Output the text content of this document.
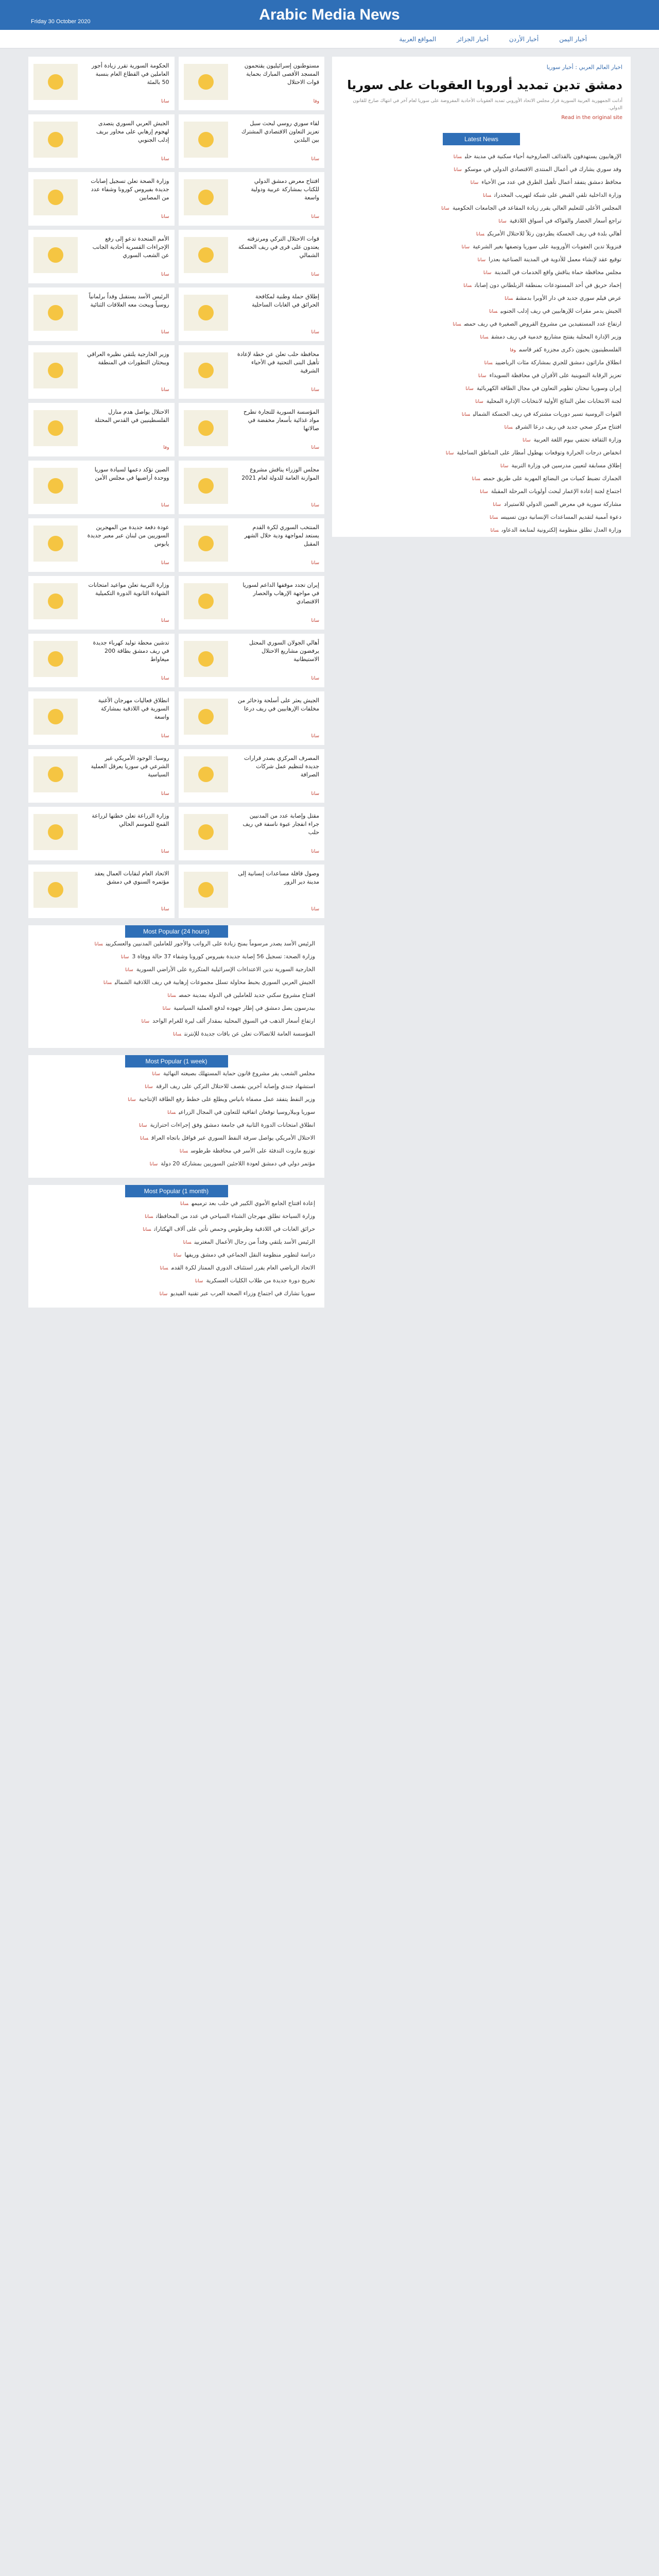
Arabic Media News
Friday 30 October 2020
المواقع العربية	أخبار الجزائر	أخبار الأردن	أخبار اليمن
الحكومة السورية تقرر زيادة أجور العاملين في القطاع العام بنسبة 50 بالمئة
سانا
مستوطنون إسرائيليون يقتحمون المسجد الأقصى المبارك بحماية قوات الاحتلال
وفا
الجيش العربي السوري يتصدى لهجوم إرهابي على محاور بريف إدلب الجنوبي
سانا
لقاء سوري روسي لبحث سبل تعزيز التعاون الاقتصادي المشترك بين البلدين
سانا
وزارة الصحة تعلن تسجيل إصابات جديدة بفيروس كورونا وشفاء عدد من المصابين
سانا
افتتاح معرض دمشق الدولي للكتاب بمشاركة عربية ودولية واسعة
سانا
الأمم المتحدة تدعو إلى رفع الإجراءات القسرية أحادية الجانب عن الشعب السوري
سانا
قوات الاحتلال التركي ومرتزقته يعتدون على قرى في ريف الحسكة الشمالي
سانا
الرئيس الأسد يستقبل وفداً برلمانياً روسياً ويبحث معه العلاقات الثنائية
سانا
إطلاق حملة وطنية لمكافحة الحرائق في الغابات الساحلية
سانا
وزير الخارجية يلتقي نظيره العراقي ويبحثان التطورات في المنطقة
سانا
محافظة حلب تعلن عن خطة لإعادة تأهيل البنى التحتية في الأحياء الشرقية
سانا
الاحتلال يواصل هدم منازل الفلسطينيين في القدس المحتلة
وفا
المؤسسة السورية للتجارة تطرح مواد غذائية بأسعار مخفضة في صالاتها
سانا
الصين تؤكد دعمها لسيادة سوريا ووحدة أراضيها في مجلس الأمن
سانا
مجلس الوزراء يناقش مشروع الموازنة العامة للدولة لعام 2021
سانا
عودة دفعة جديدة من المهجرين السوريين من لبنان عبر معبر جديدة يابوس
سانا
المنتخب السوري لكرة القدم يستعد لمواجهة ودية خلال الشهر المقبل
سانا
وزارة التربية تعلن مواعيد امتحانات الشهادة الثانوية الدورة التكميلية
سانا
إيران تجدد موقفها الداعم لسوريا في مواجهة الإرهاب والحصار الاقتصادي
سانا
تدشين محطة توليد كهرباء جديدة في ريف دمشق بطاقة 200 ميغاواط
سانا
أهالي الجولان السوري المحتل يرفضون مشاريع الاحتلال الاستيطانية
سانا
انطلاق فعاليات مهرجان الأغنية السورية في اللاذقية بمشاركة واسعة
سانا
الجيش يعثر على أسلحة وذخائر من مخلفات الإرهابيين في ريف درعا
سانا
روسيا: الوجود الأمريكي غير الشرعي في سوريا يعرقل العملية السياسية
سانا
المصرف المركزي يصدر قرارات جديدة لتنظيم عمل شركات الصرافة
سانا
وزارة الزراعة تعلن خطتها لزراعة القمح للموسم الحالي
سانا
مقتل وإصابة عدد من المدنيين جراء انفجار عبوة ناسفة في ريف حلب
سانا
الاتحاد العام لنقابات العمال يعقد مؤتمره السنوي في دمشق
سانا
وصول قافلة مساعدات إنسانية إلى مدينة دير الزور
سانا
Most Popular (24 hours)
الرئيس الأسد يصدر مرسوماً بمنح زيادة على الرواتب والأجور للعاملين المدنيين والعسكريينسانا
وزارة الصحة: تسجيل 56 إصابة جديدة بفيروس كورونا وشفاء 37 حالة ووفاة 3سانا
الخارجية السورية تدين الاعتداءات الإسرائيلية المتكررة على الأراضي السوريةسانا
الجيش العربي السوري يحبط محاولة تسلل مجموعات إرهابية في ريف اللاذقية الشماليسانا
افتتاح مشروع سكني جديد للعاملين في الدولة بمدينة حمصسانا
بيدرسون يصل دمشق في إطار جهوده لدفع العملية السياسيةسانا
ارتفاع أسعار الذهب في السوق المحلية بمقدار ألف ليرة للغرام الواحدسانا
المؤسسة العامة للاتصالات تعلن عن باقات جديدة للإنترنتسانا
Most Popular (1 week)
مجلس الشعب يقر مشروع قانون حماية المستهلك بصيغته النهائيةسانا
استشهاد جندي وإصابة آخرين بقصف للاحتلال التركي على ريف الرقةسانا
وزير النفط يتفقد عمل مصفاة بانياس ويطلع على خطط رفع الطاقة الإنتاجيةسانا
سوريا وبيلاروسيا توقعان اتفاقية للتعاون في المجال الزراعيسانا
انطلاق امتحانات الدورة الثانية في جامعة دمشق وفق إجراءات احترازيةسانا
الاحتلال الأمريكي يواصل سرقة النفط السوري عبر قوافل باتجاه العراقسانا
توزيع مازوت التدفئة على الأسر في محافظة طرطوسسانا
مؤتمر دولي في دمشق لعودة اللاجئين السوريين بمشاركة 20 دولةسانا
Most Popular (1 month)
إعادة افتتاح الجامع الأموي الكبير في حلب بعد ترميمهسانا
وزارة السياحة تطلق مهرجان الشتاء السياحي في عدد من المحافظاتسانا
حرائق الغابات في اللاذقية وطرطوس وحمص تأتي على آلاف الهكتاراتسانا
الرئيس الأسد يلتقي وفداً من رجال الأعمال المغتربينسانا
دراسة لتطوير منظومة النقل الجماعي في دمشق وريفهاسانا
الاتحاد الرياضي العام يقرر استئناف الدوري الممتاز لكرة القدمسانا
تخريج دورة جديدة من طلاب الكليات العسكريةسانا
سوريا تشارك في اجتماع وزراء الصحة العرب عبر تقنية الفيديوسانا
اخبار العالم العربي : أخبار سوريا
دمشق تدين تمديد أوروبا العقوبات على سوريا
أدانت الجمهورية العربية السورية قرار مجلس الاتحاد الأوروبي تمديد العقوبات الأحادية المفروضة على سوريا لعام آخر في انتهاك صارخ للقانون الدولي.
Read in the original site
Latest News
الإرهابيون يستهدفون بالقذائف الصاروخية أحياء سكنية في مدينة حلبسانا
وفد سوري يشارك في أعمال المنتدى الاقتصادي الدولي في موسكوسانا
محافظ دمشق يتفقد أعمال تأهيل الطرق في عدد من الأحياءسانا
وزارة الداخلية تلقي القبض على شبكة لتهريب المخدراتسانا
المجلس الأعلى للتعليم العالي يقرر زيادة المقاعد في الجامعات الحكوميةسانا
تراجع أسعار الخضار والفواكه في أسواق اللاذقيةسانا
أهالي بلدة في ريف الحسكة يطردون رتلاً للاحتلال الأمريكيسانا
فنزويلا تدين العقوبات الأوروبية على سوريا وتصفها بغير الشرعيةسانا
توقيع عقد لإنشاء معمل للأدوية في المدينة الصناعية بعدراسانا
مجلس محافظة حماة يناقش واقع الخدمات في المدينةسانا
إخماد حريق في أحد المستودعات بمنطقة الزبلطاني دون إصاباتسانا
عرض فيلم سوري جديد في دار الأوبرا بدمشقسانا
الجيش يدمر مقرات للإرهابيين في ريف إدلب الجنوبيسانا
ارتفاع عدد المستفيدين من مشروع القروض الصغيرة في ريف حمصسانا
وزير الإدارة المحلية يفتتح مشاريع خدمية في ريف دمشقسانا
الفلسطينيون يحيون ذكرى مجزرة كفر قاسموفا
انطلاق ماراثون دمشق للجري بمشاركة مئات الرياضيينسانا
تعزيز الرقابة التموينية على الأفران في محافظة السويداءسانا
إيران وسوريا تبحثان تطوير التعاون في مجال الطاقة الكهربائيةسانا
لجنة الانتخابات تعلن النتائج الأولية لانتخابات الإدارة المحليةسانا
القوات الروسية تسير دوريات مشتركة في ريف الحسكة الشماليسانا
افتتاح مركز صحي جديد في ريف درعا الشرقيسانا
وزارة الثقافة تحتفي بيوم اللغة العربيةسانا
انخفاض درجات الحرارة وتوقعات بهطول أمطار على المناطق الساحليةسانا
إطلاق مسابقة لتعيين مدرسين في وزارة التربيةسانا
الجمارك تضبط كميات من البضائع المهربة على طريق حمصسانا
اجتماع لجنة إعادة الإعمار لبحث أولويات المرحلة المقبلةسانا
مشاركة سورية في معرض الصين الدولي للاستيرادسانا
دعوة أممية لتقديم المساعدات الإنسانية دون تسييسسانا
وزارة العدل تطلق منظومة إلكترونية لمتابعة الدعاوىسانا
